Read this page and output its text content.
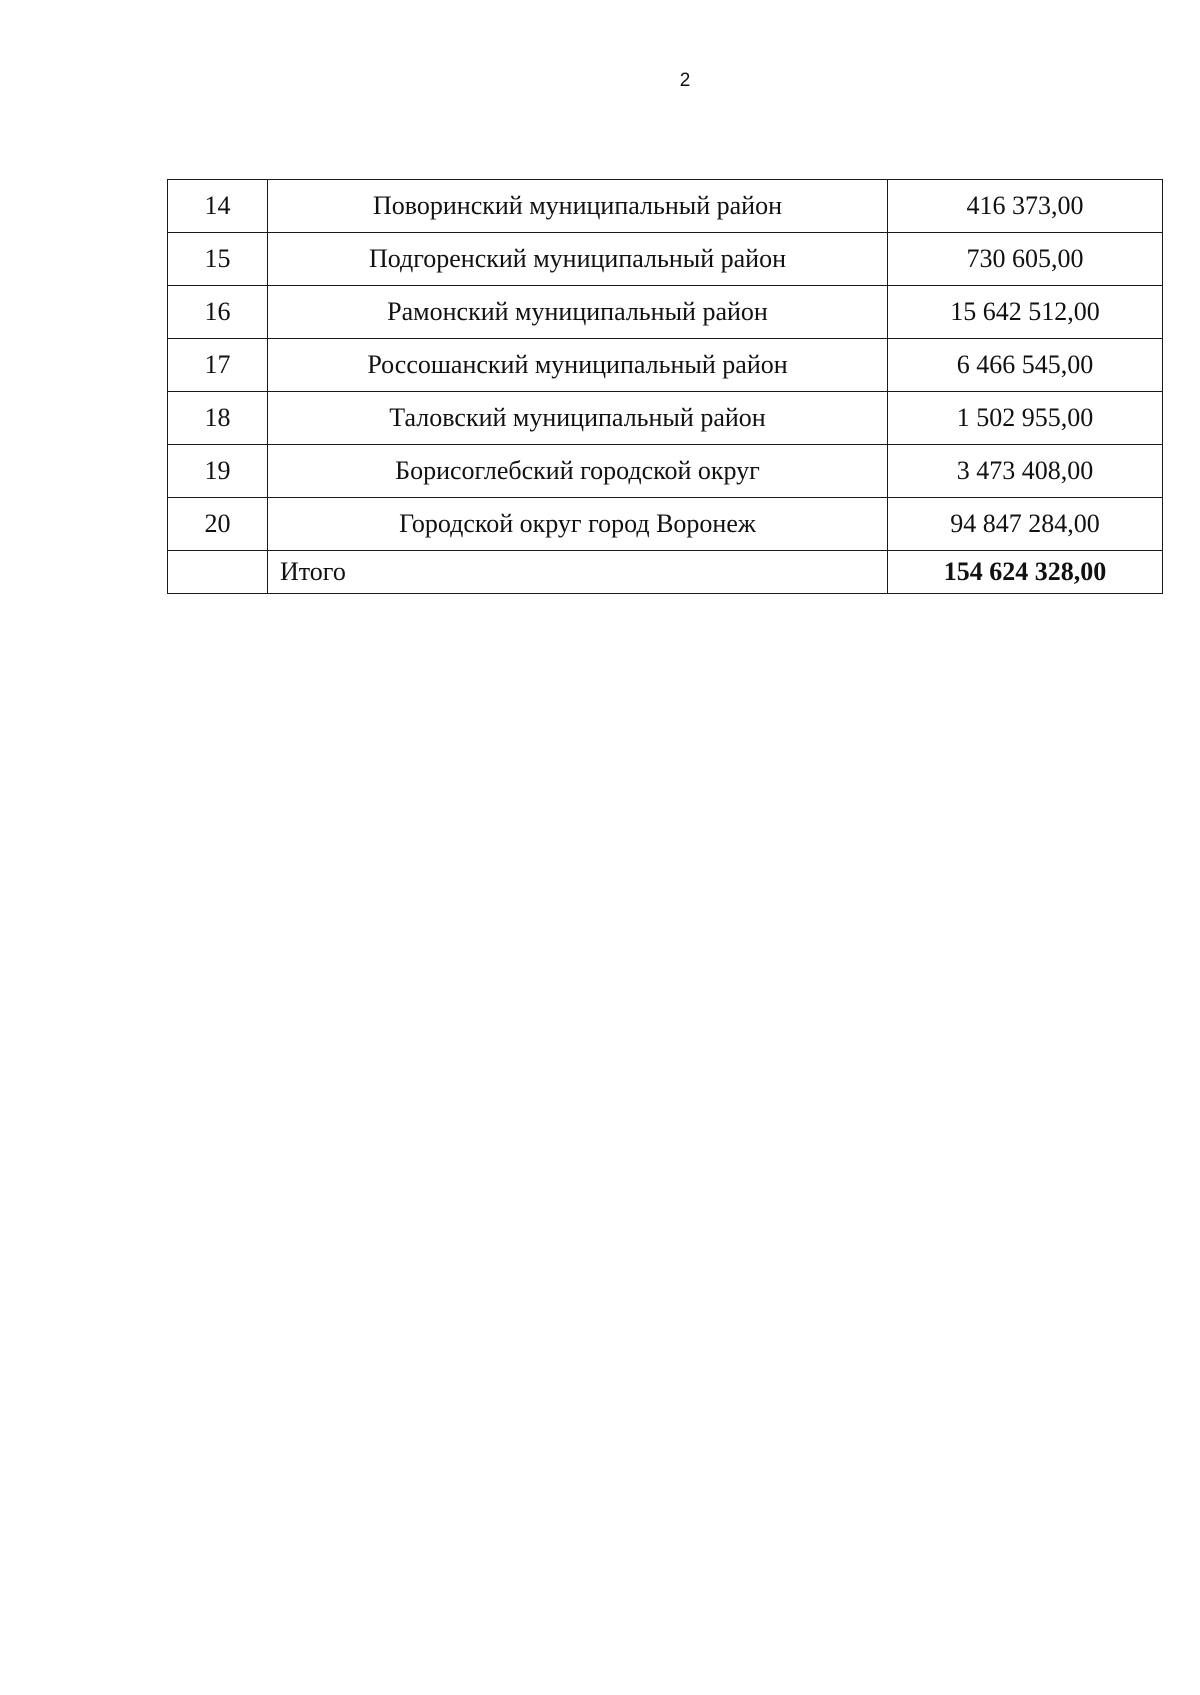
2
14	Поворинский муниципальный район	416 373,00
15	Подгоренский муниципальный район	730 605,00
16	Рамонский муниципальный район	15 642 512,00
17	Россошанский муниципальный район	6 466 545,00
18	Таловский муниципальный район	1 502 955,00
19	Борисоглебский городской округ	3 473 408,00
20	Городской округ город Воронеж	94 847 284,00
	Итого	154 624 328,00
